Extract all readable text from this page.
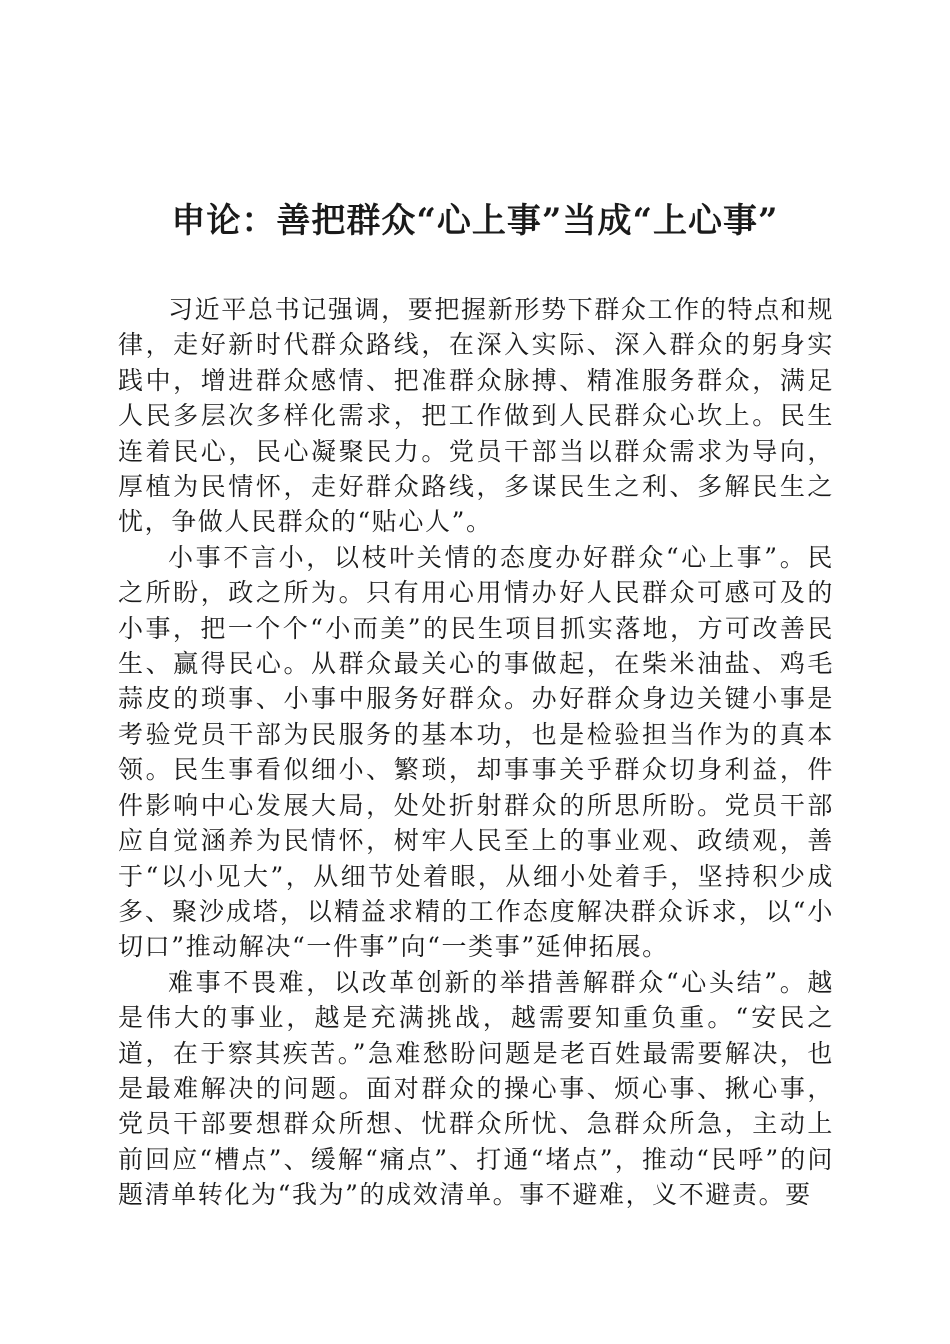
申论：善把群众“心上事”当成“上心事”

习近平总书记强调，要把握新形势下群众工作的特点和规律，走好新时代群众路线，在深入实际、深入群众的躬身实践中，增进群众感情、把准群众脉搏、精准服务群众，满足人民多层次多样化需求，把工作做到人民群众心坎上。民生连着民心，民心凝聚民力。党员干部当以群众需求为导向，厚植为民情怀，走好群众路线，多谋民生之利、多解民生之忧，争做人民群众的“贴心人”。

小事不言小，以枝叶关情的态度办好群众“心上事”。民之所盼，政之所为。只有用心用情办好人民群众可感可及的小事，把一个个“小而美”的民生项目抓实落地，方可改善民生、赢得民心。从群众最关心的事做起，在柴米油盐、鸡毛蒜皮的琐事、小事中服务好群众。办好群众身边关键小事是考验党员干部为民服务的基本功，也是检验担当作为的真本领。民生事看似细小、繁琐，却事事关乎群众切身利益，件件影响中心发展大局，处处折射群众的所思所盼。党员干部应自觉涵养为民情怀，树牢人民至上的事业观、政绩观，善于“以小见大”，从细节处着眼，从细小处着手，坚持积少成多、聚沙成塔，以精益求精的工作态度解决群众诉求，以“小切口”推动解决“一件事”向“一类事”延伸拓展。

难事不畏难，以改革创新的举措善解群众“心头结”。越是伟大的事业，越是充满挑战，越需要知重负重。“安民之道，在于察其疾苦。”急难愁盼问题是老百姓最需要解决，也是最难解决的问题。面对群众的操心事、烦心事、揪心事，党员干部要想群众所想、忧群众所忧、急群众所急，主动上前回应“槽点”、缓解“痛点”、打通“堵点”，推动“民呼”的问题清单转化为“我为”的成效清单。事不避难，义不避责。要
